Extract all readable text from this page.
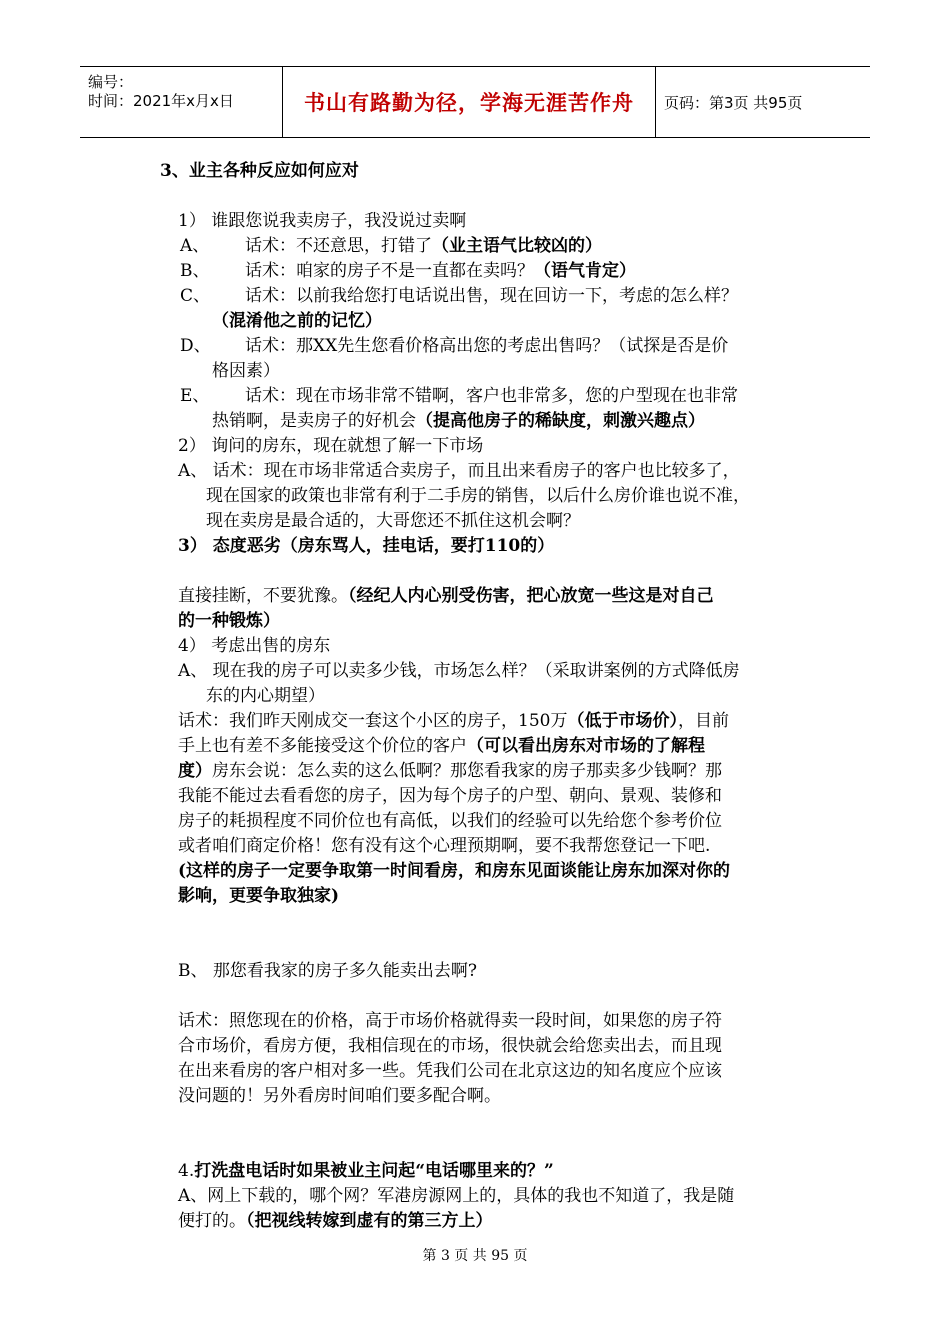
编号：
时间：2021年x月x日	书山有路勤为径，学海无涯苦作舟	页码：第3页 共95页
3、业主各种反应如何应对
1） 谁跟您说我卖房子，我没说过卖啊
A、 话术：不还意思，打错了（业主语气比较凶的）
B、 话术：咱家的房子不是一直都在卖吗？（语气肯定）
C、 话术：以前我给您打电话说出售，现在回访一下，考虑的怎么样？
（混淆他之前的记忆）
D、 话术：那XX先生您看价格高出您的考虑出售吗？（试探是否是价
格因素）
E、 话术：现在市场非常不错啊，客户也非常多，您的户型现在也非常
热销啊，是卖房子的好机会（提高他房子的稀缺度，刺激兴趣点）
2） 询问的房东，现在就想了解一下市场
A、 话术：现在市场非常适合卖房子，而且出来看房子的客户也比较多了，
现在国家的政策也非常有利于二手房的销售，以后什么房价谁也说不准，
现在卖房是最合适的，大哥您还不抓住这机会啊？
3） 态度恶劣（房东骂人，挂电话，要打110的）
直接挂断，不要犹豫。（经纪人内心别受伤害，把心放宽一些这是对自己
的一种锻炼）
4） 考虑出售的房东
A、 现在我的房子可以卖多少钱，市场怎么样？（采取讲案例的方式降低房
东的内心期望）
话术：我们昨天刚成交一套这个小区的房子，150万（低于市场价），目前
手上也有差不多能接受这个价位的客户（可以看出房东对市场的了解程
度）房东会说：怎么卖的这么低啊？那您看我家的房子那卖多少钱啊？那
我能不能过去看看您的房子，因为每个房子的户型、朝向、景观、装修和
房子的耗损程度不同价位也有高低，以我们的经验可以先给您个参考价位
或者咱们商定价格！您有没有这个心理预期啊，要不我帮您登记一下吧.
(这样的房子一定要争取第一时间看房，和房东见面谈能让房东加深对你的
影响，更要争取独家)
B、 那您看我家的房子多久能卖出去啊?
话术：照您现在的价格，高于市场价格就得卖一段时间，如果您的房子符
合市场价，看房方便，我相信现在的市场，很快就会给您卖出去，而且现
在出来看房的客户相对多一些。凭我们公司在北京这边的知名度应个应该
没问题的！另外看房时间咱们要多配合啊。
4.打洗盘电话时如果被业主问起“电话哪里来的？”
A、网上下载的，哪个网？军港房源网上的，具体的我也不知道了，我是随
便打的。（把视线转嫁到虚有的第三方上）
第 3 页 共 95 页
